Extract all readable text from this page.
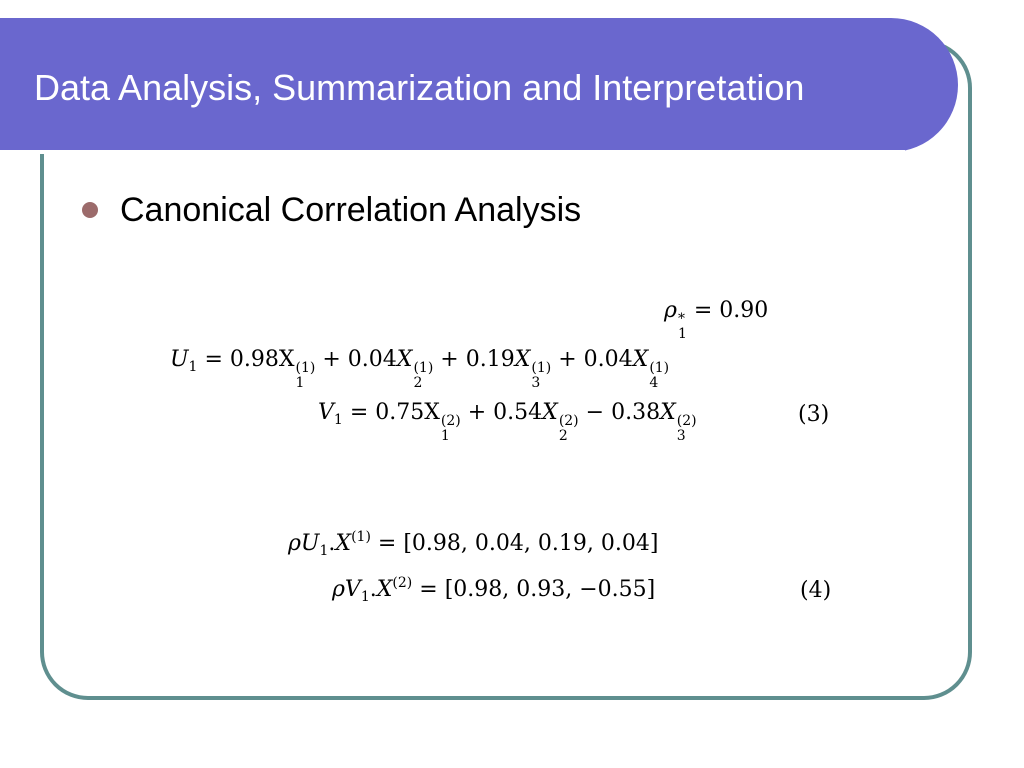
Data Analysis, Summarization and Interpretation
Canonical Correlation Analysis
ρ *
1
= 0.90
$U_1 = 0.98X$ (1)
1
+ 0.04X (1)
2
+ 0.19X (1)
3
+ 0.04X (1)
4
$V_1 = 0.75X$ (2)
1
+ 0.54X (2)
2
− 0.38X (2)
3
(3)
$\rho U_1.X^{(1)} = [0.98$, 0.04, 0.19, 0.04]
$\rho V_1.X^{(2)} = [0.98$, 0.93, −0.55]	(4)
